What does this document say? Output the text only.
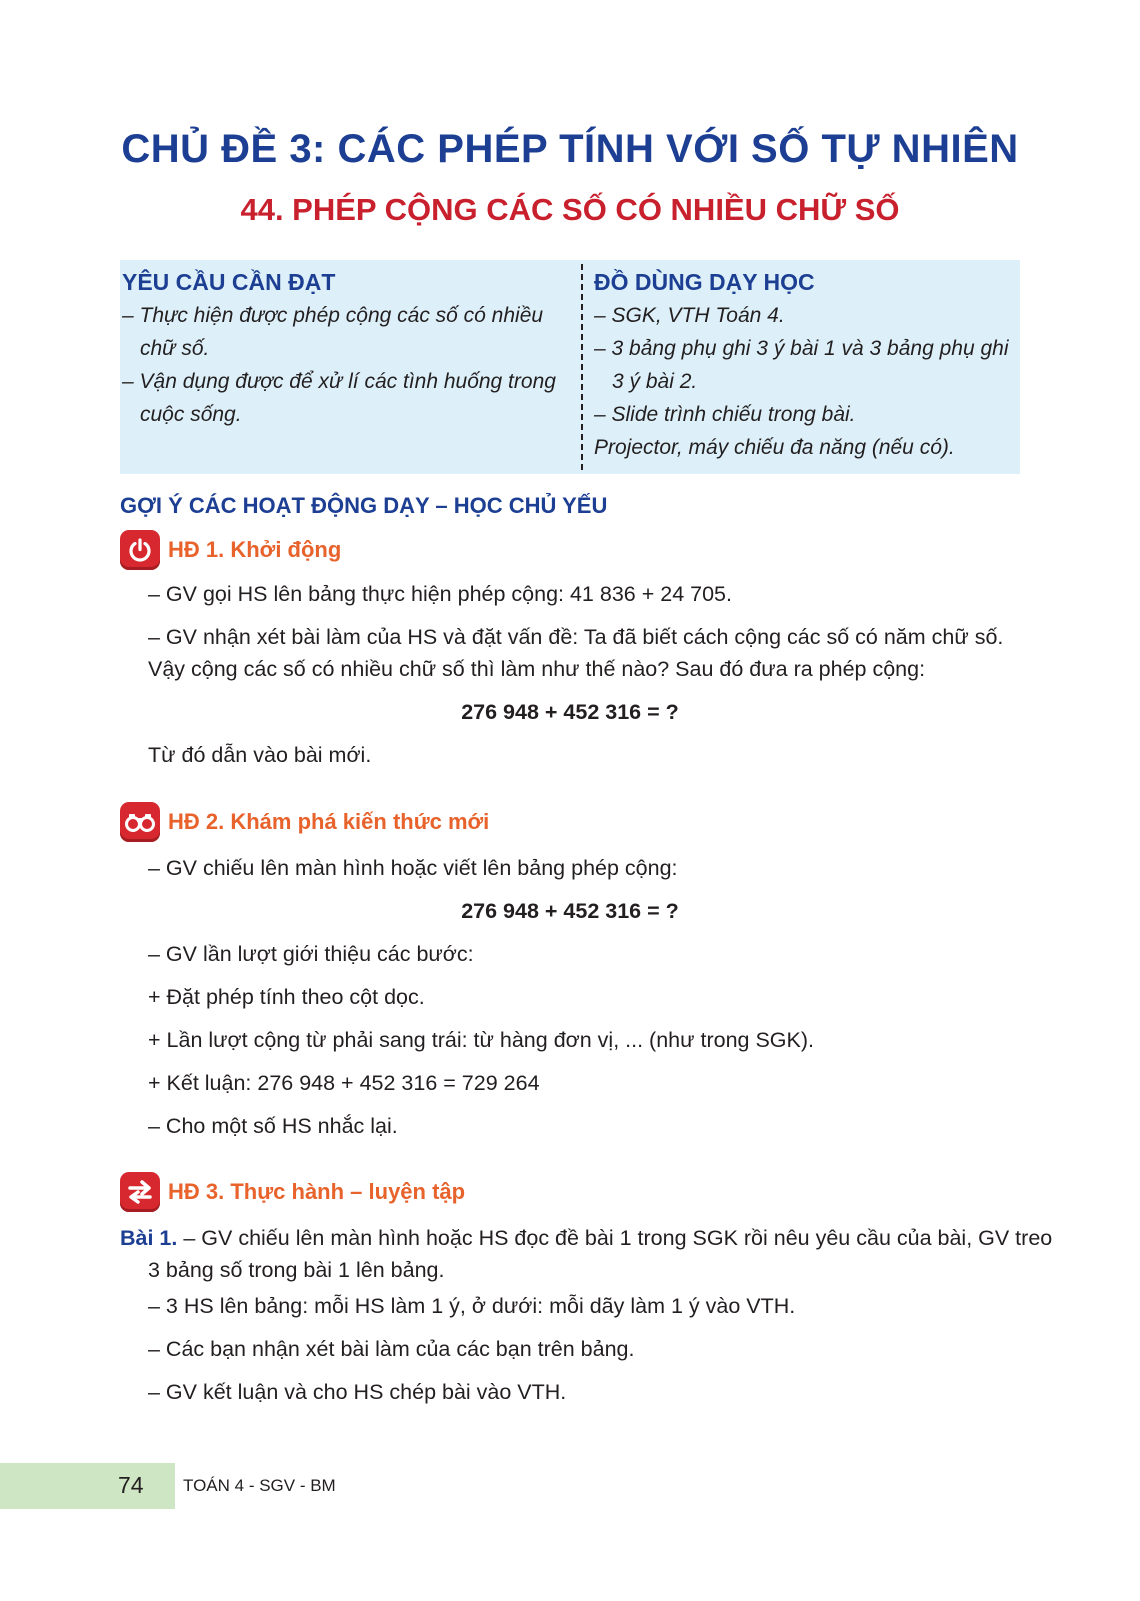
CHỦ ĐỀ 3: CÁC PHÉP TÍNH VỚI SỐ TỰ NHIÊN
44. PHÉP CỘNG CÁC SỐ CÓ NHIỀU CHỮ SỐ
YÊU CẦU CẦN ĐẠT
– Thực hiện được phép cộng các số có nhiều chữ số.
– Vận dụng được để xử lí các tình huống trong cuộc sống.
ĐỒ DÙNG DẠY HỌC
– SGK, VTH Toán 4.
– 3 bảng phụ ghi 3 ý bài 1 và 3 bảng phụ ghi 3 ý bài 2.
– Slide trình chiếu trong bài.
Projector, máy chiếu đa năng (nếu có).
GỢI Ý CÁC HOẠT ĐỘNG DẠY – HỌC CHỦ YẾU
HĐ 1. Khởi động
– GV gọi HS lên bảng thực hiện phép cộng: 41 836 + 24 705.
– GV nhận xét bài làm của HS và đặt vấn đề: Ta đã biết cách cộng các số có năm chữ số.
Vậy cộng các số có nhiều chữ số thì làm như thế nào? Sau đó đưa ra phép cộng:
276 948 + 452 316 = ?
Từ đó dẫn vào bài mới.
HĐ 2. Khám phá kiến thức mới
– GV chiếu lên màn hình hoặc viết lên bảng phép cộng:
276 948 + 452 316 = ?
– GV lần lượt giới thiệu các bước:
+ Đặt phép tính theo cột dọc.
+ Lần lượt cộng từ phải sang trái: từ hàng đơn vị, ... (như trong SGK).
+ Kết luận: 276 948 + 452 316 = 729 264
– Cho một số HS nhắc lại.
HĐ 3. Thực hành – luyện tập
Bài 1. – GV chiếu lên màn hình hoặc HS đọc đề bài 1 trong SGK rồi nêu yêu cầu của bài, GV treo 3 bảng số trong bài 1 lên bảng.
– 3 HS lên bảng: mỗi HS làm 1 ý, ở dưới: mỗi dãy làm 1 ý vào VTH.
– Các bạn nhận xét bài làm của các bạn trên bảng.
– GV kết luận và cho HS chép bài vào VTH.
74 TOÁN 4 - SGV - BM
